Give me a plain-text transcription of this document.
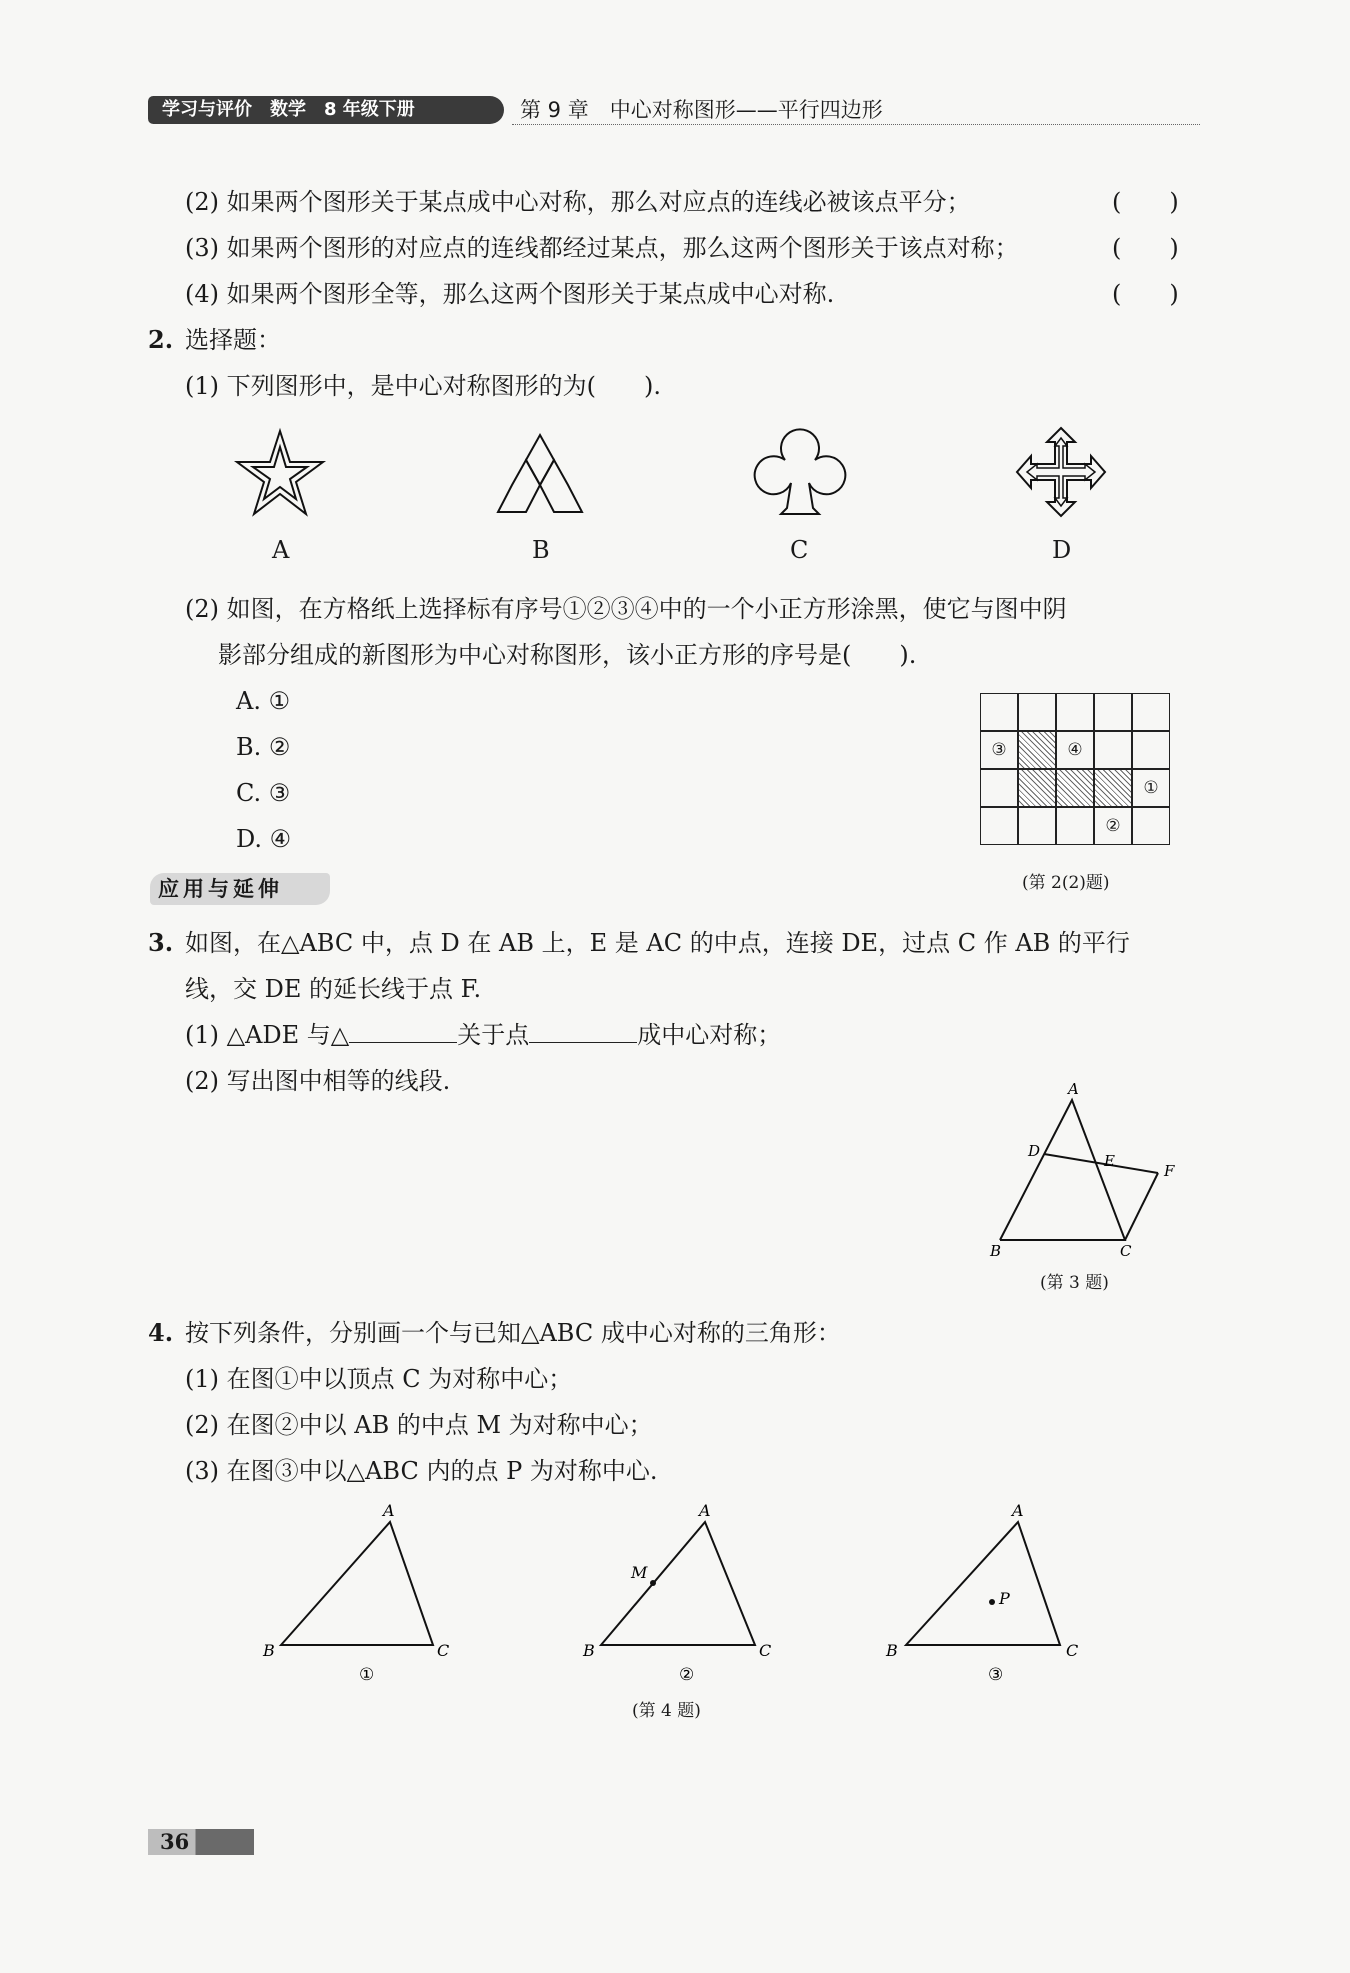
学习与评价　数学　8 年级下册	第 9 章　中心对称图形——平行四边形
(2) 如果两个图形关于某点成中心对称，那么对应点的连线必被该点平分；	(　　)
(3) 如果两个图形的对应点的连线都经过某点，那么这两个图形关于该点对称；	(　　)
(4) 如果两个图形全等，那么这两个图形关于某点成中心对称.	(　　)
2. 选择题：
(1) 下列图形中，是中心对称图形的为(　　).
A	B	C	D
(2) 如图，在方格纸上选择标有序号①②③④中的一个小正方形涂黑，使它与图中阴
影部分组成的新图形为中心对称图形，该小正方形的序号是(　　).
A. ①
B. ②
C. ③
D. ④
③	④
①
②
(第 2(2)题)
应用与延伸
3. 如图，在△ABC 中，点 D 在 AB 上，E 是 AC 的中点，连接 DE，过点 C 作 AB 的平行
线，交 DE 的延长线于点 F.
(1) △ADE 与△	关于点	成中心对称；
(2) 写出图中相等的线段.	A
D
E
F
B	C
(第 3 题)
4. 按下列条件，分别画一个与已知△ABC 成中心对称的三角形：
(1) 在图①中以顶点 C 为对称中心；
(2) 在图②中以 AB 的中点 M 为对称中心；
(3) 在图③中以△ABC 内的点 P 为对称中心.
A
B	C
①
M
A
B	C
②
P
A
B	C
③
(第 4 题)
36
